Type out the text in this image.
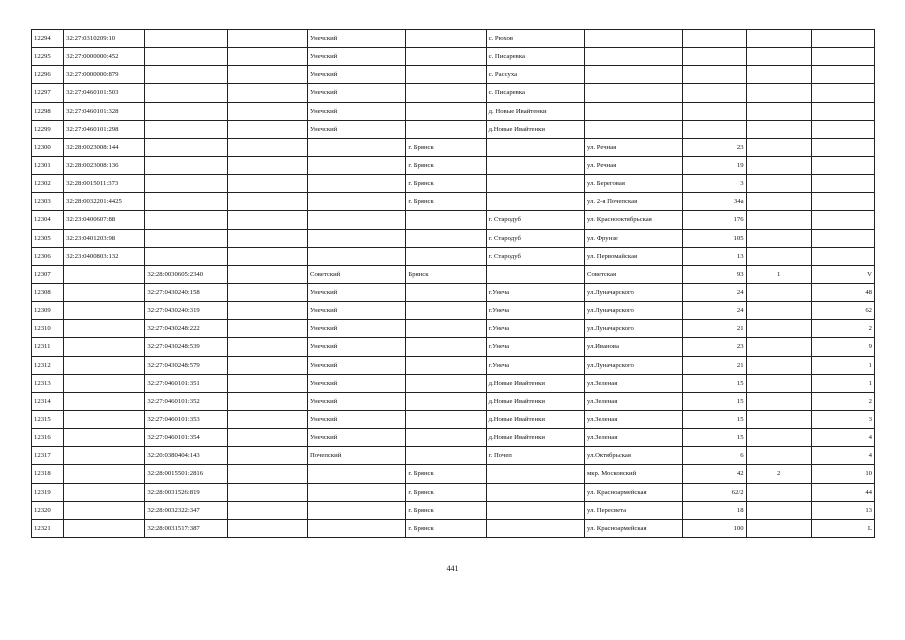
12294	32:27:0310209:10			Унечский		с. Рюхов				
12295	32:27:0000000:452			Унечский		с. Писаревка				
12296	32:27:0000000:879			Унечский		с. Рассуха				
12297	32:27:0460101:503			Унечский		с. Писаревка				
12298	32:27:0460101:328			Унечский		д. Новые Ивайтенки				
12299	32:27:0460101:298			Унечский		д.Новые Ивайтенки				
12300	32:28:0023008:144				г. Брянск		ул. Речная	23		
12301	32:28:0023008:136				г. Брянск		ул. Речная	19		
12302	32:28:0015011:373				г. Брянск		ул. Береговая	3		
12303	32:28:0032201:4425				г. Брянск		ул. 2-я Почепская	34а		
12304	32:23:0400607:88					г. Стародуб	ул. Краснооктябрьская	176		
12305	32:23:0401203:98					г. Стародуб	ул. Фрунзе	105		
12306	32:23:0400803:132					г. Стародуб	ул. Первомайская	13		
12307		32:28:0030605:2340		Советский	Брянск		Советская	93	1	V
12308		32:27:0430240:158		Унечский		г.Унеча	ул.Луначарского	24		48
12309		32:27:0430240:319		Унечский		г.Унеча	ул.Луначарского	24		62
12310		32:27:0430248:222		Унечский		г.Унеча	ул.Луначарского	21		2
12311		32:27:0430248:539		Унечский		г.Унеча	ул.Иванова	23		9
12312		32:27:0430248:579		Унечский		г.Унеча	ул.Луначарского	21		1
12313		32:27:0460101:351		Унечский		д.Новые Ивайтенки	ул.Зеленая	15		1
12314		32:27:0460101:352		Унечский		д.Новые Ивайтенки	ул.Зеленая	15		2
12315		32:27:0460101:353		Унечский		д.Новые Ивайтенки	ул.Зеленая	15		3
12316		32:27:0460101:354		Унечский		д.Новые Ивайтенки	ул.Зеленая	15		4
12317		32:20:0380404:143		Почепский		г. Почеп	ул.Октябрьская	6		4
12318		32:28:0015501:2816			г. Брянск		мкр. Московский	42	2	10
12319		32:28:0031526:819			г. Брянск		ул. Красноармейская	62/2		44
12320		32:28:0032322:347			г. Брянск		ул. Пересвета	18		13
12321		32:28:0031517:387			г. Брянск		ул. Красноармейская	100		L
441
